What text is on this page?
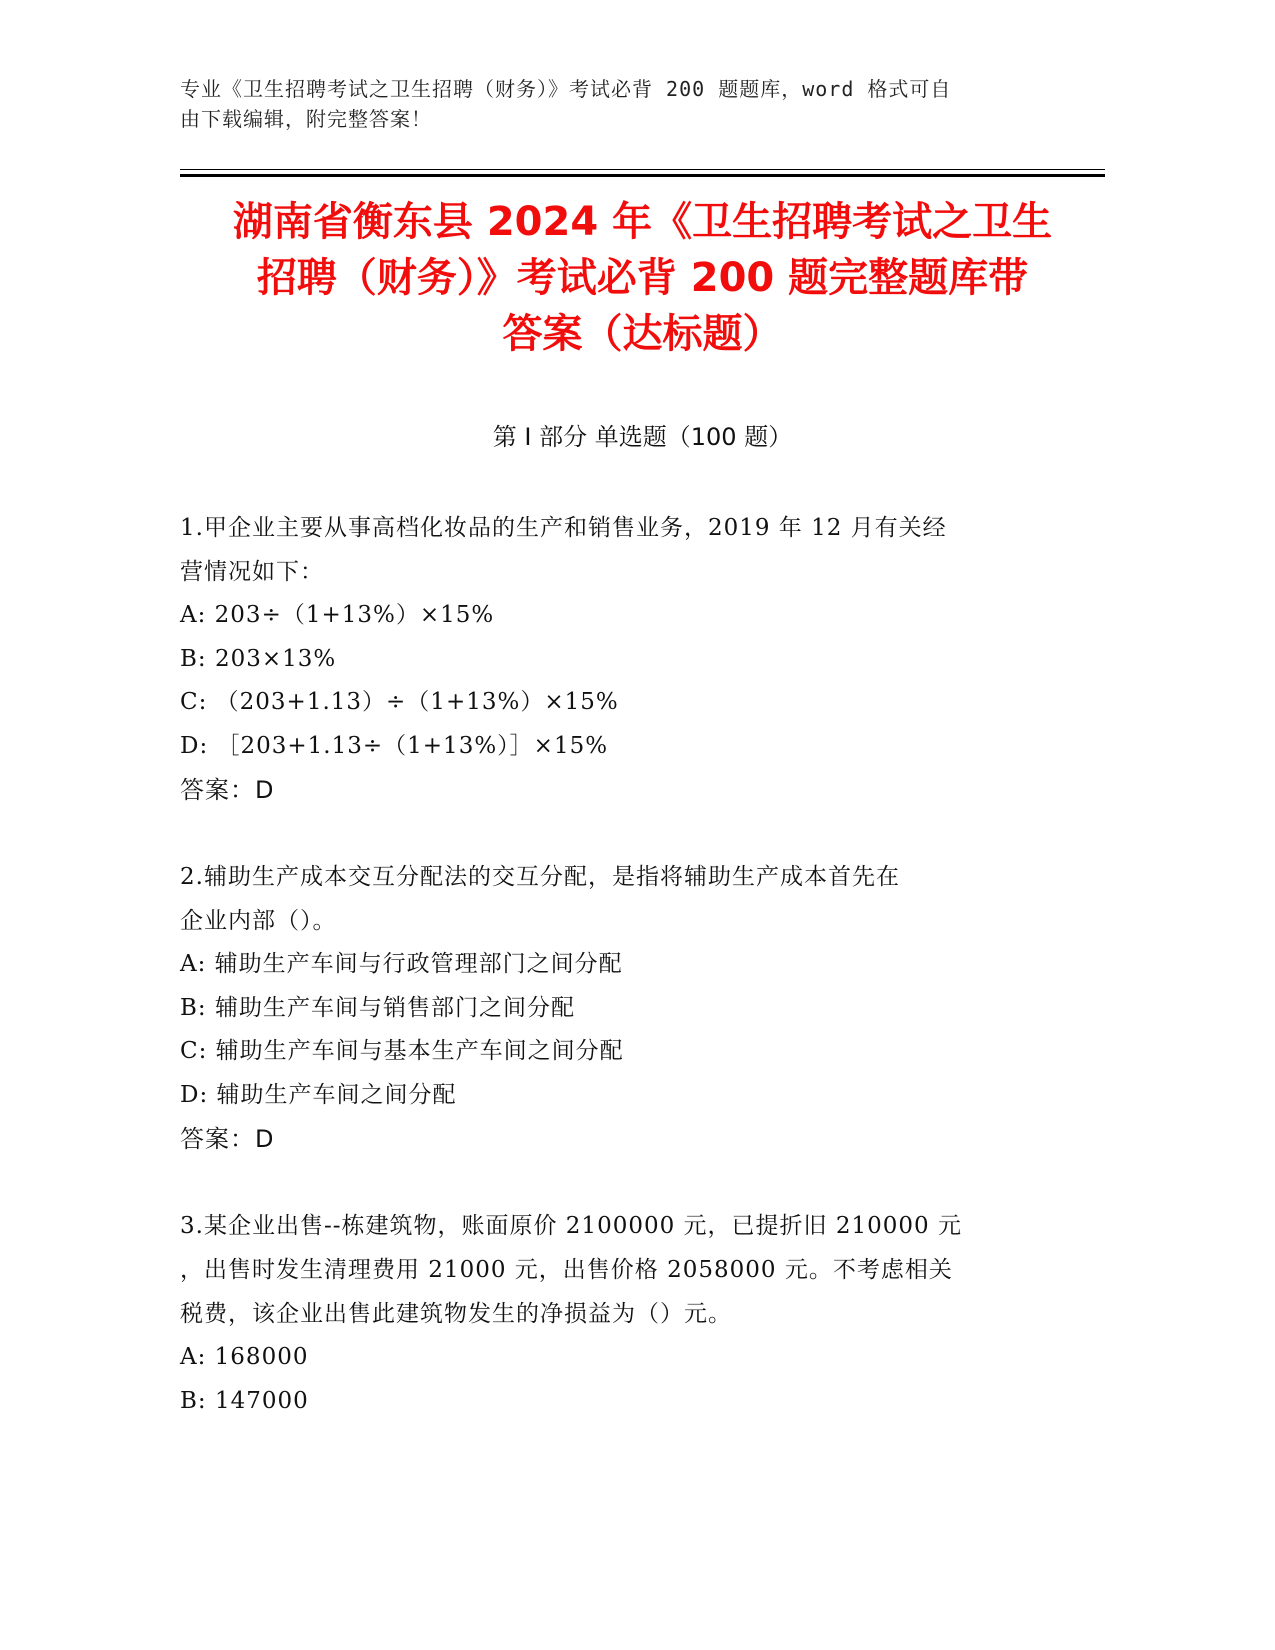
专业《卫生招聘考试之卫生招聘（财务）》考试必背 200 题题库，word 格式可自
由下载编辑，附完整答案！
湖南省衡东县 2024 年《卫生招聘考试之卫生
招聘（财务）》考试必背 200 题完整题库带
答案（达标题）
第 I 部分 单选题（100 题）
1.甲企业主要从事高档化妆品的生产和销售业务，2019 年 12 月有关经
营情况如下：
A: 203÷（1+13%）×15%
B: 203×13%
C: （203+1.13）÷（1+13%）×15%
D: ［203+1.13÷（1+13%）］×15%
答案：D
2.辅助生产成本交互分配法的交互分配，是指将辅助生产成本首先在
企业内部（）。
A: 辅助生产车间与行政管理部门之间分配
B: 辅助生产车间与销售部门之间分配
C: 辅助生产车间与基本生产车间之间分配
D: 辅助生产车间之间分配
答案：D
3.某企业出售--栋建筑物，账面原价 2100000 元，已提折旧 210000 元
，出售时发生清理费用 21000 元，出售价格 2058000 元。不考虑相关
税费，该企业出售此建筑物发生的净损益为（）元。
A: 168000
B: 147000
